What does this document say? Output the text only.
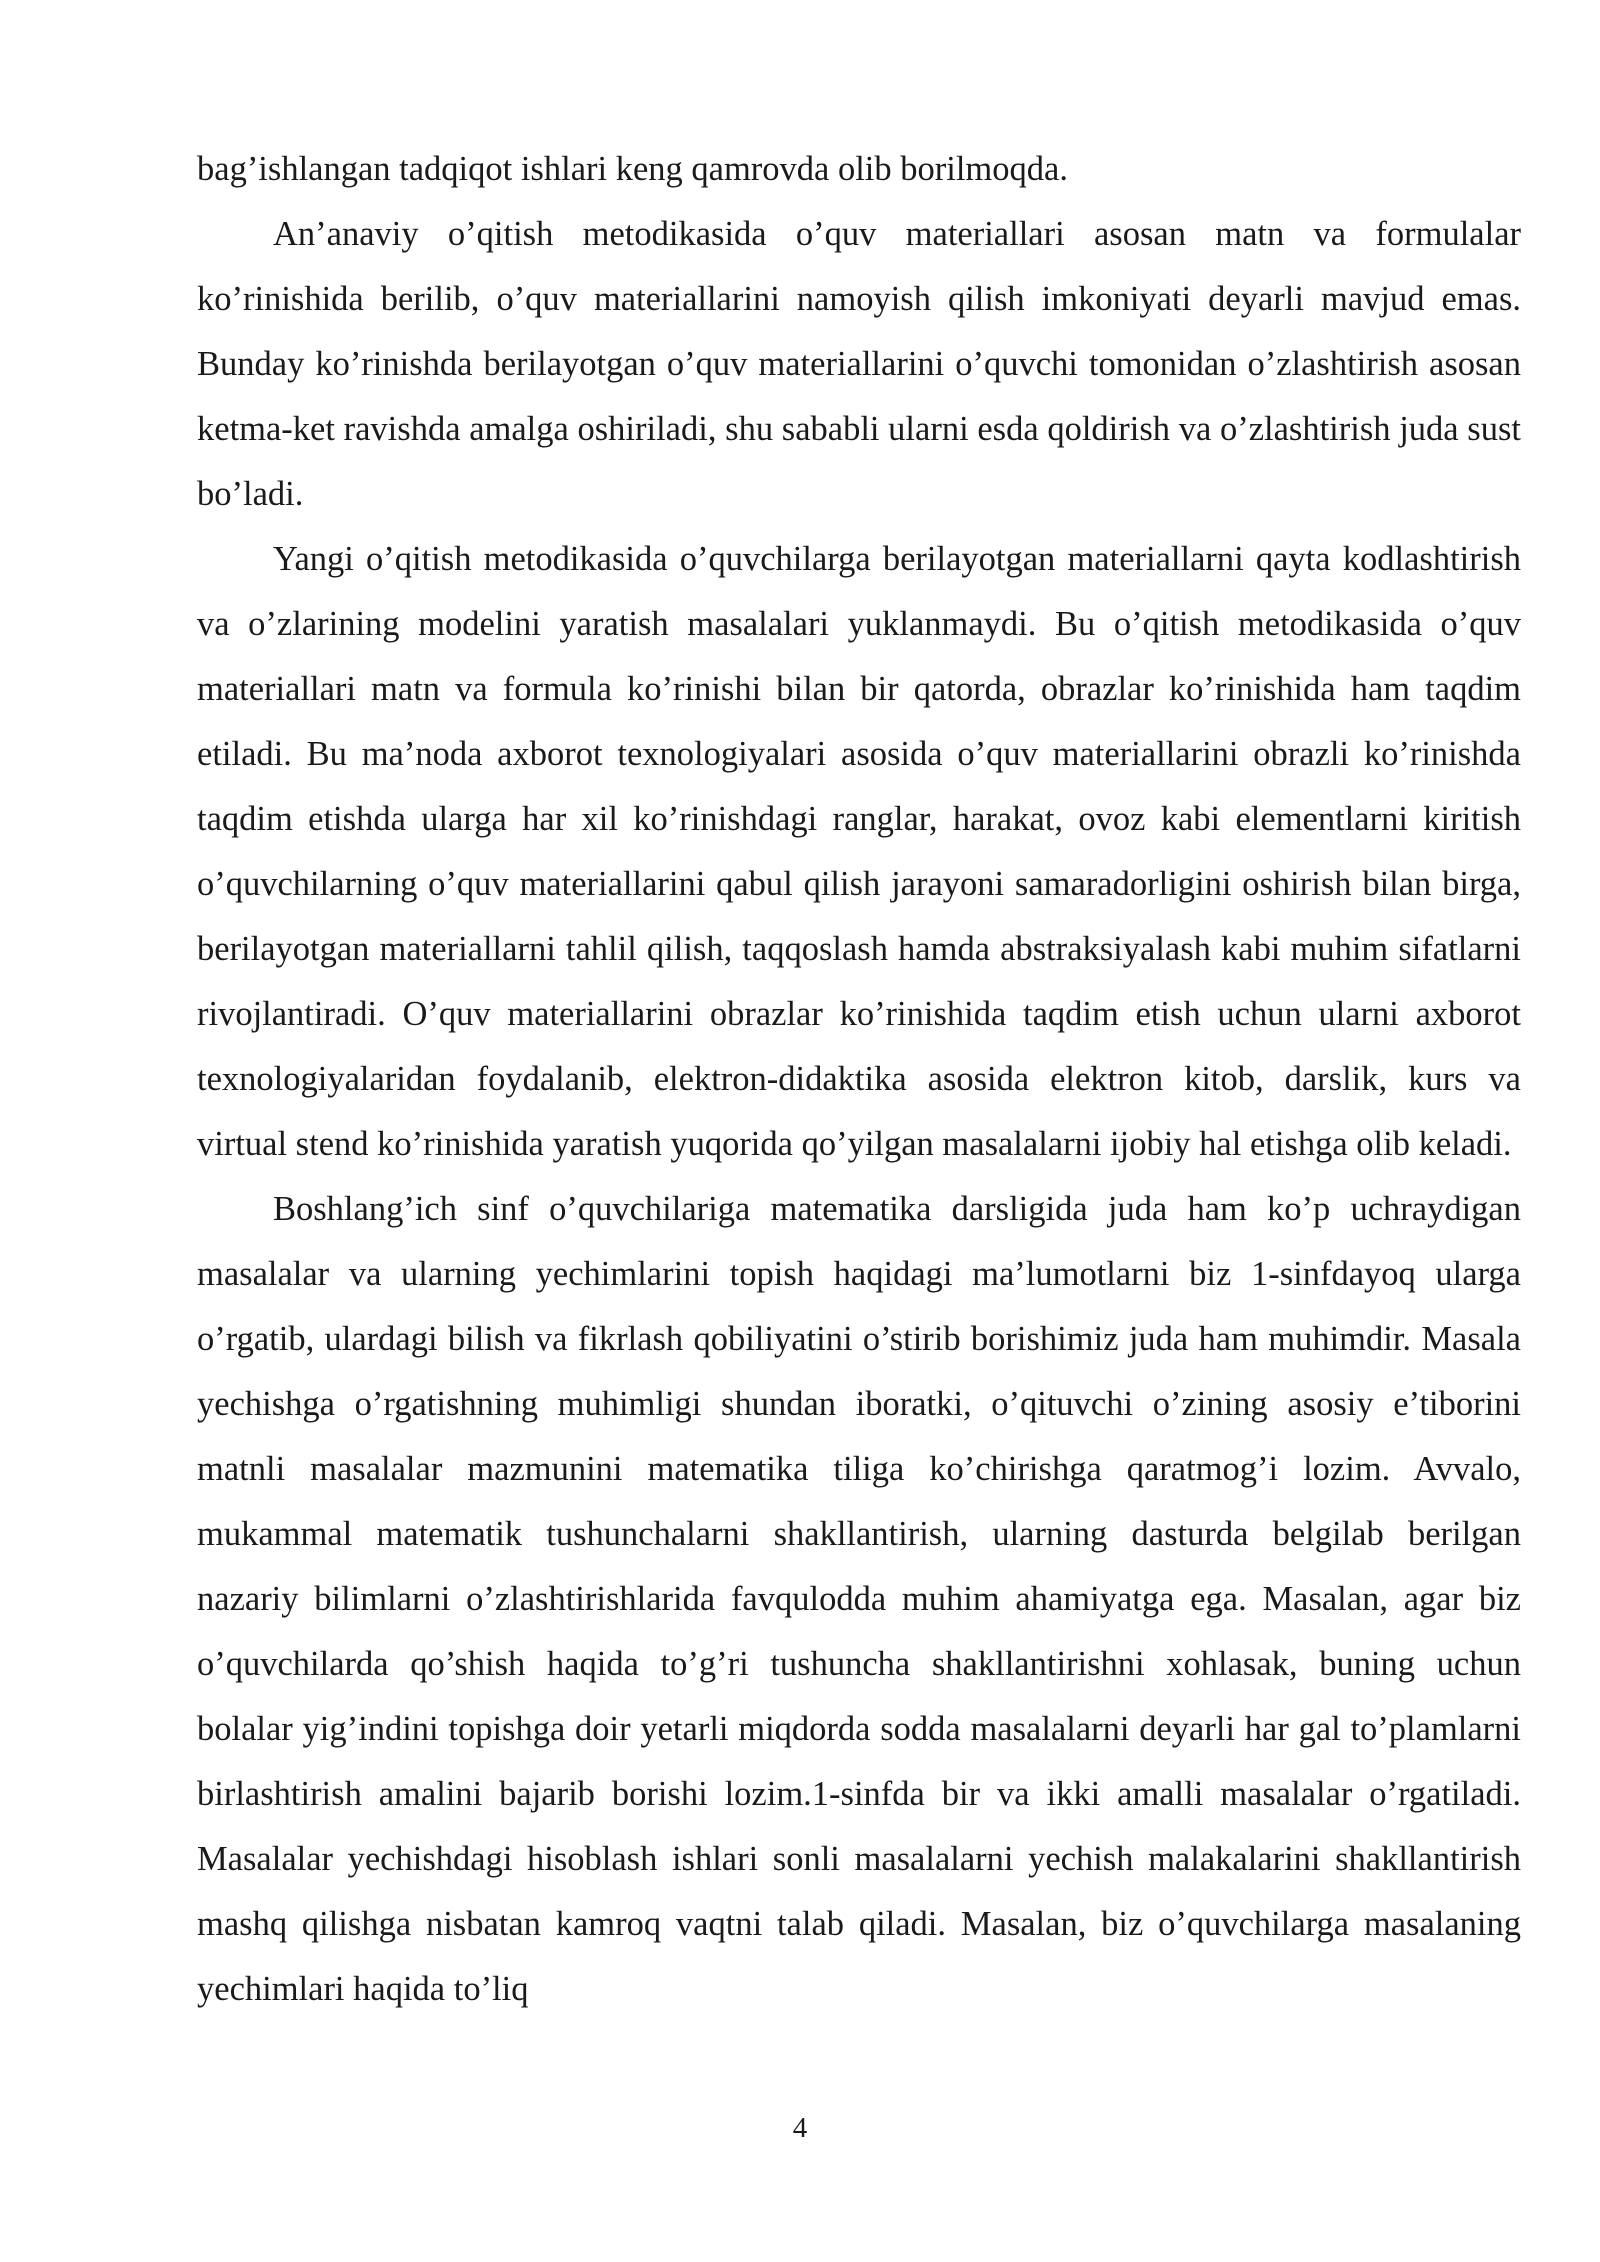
bag’ishlangan tadqiqot ishlari keng qamrovda olib borilmoqda.

An’anaviy o’qitish metodikasida o’quv materiallari asosan matn va formulalar ko’rinishida berilib, o’quv materiallarini namoyish qilish imkoniyati deyarli mavjud emas. Bunday ko’rinishda berilayotgan o’quv materiallarini o’quvchi tomonidan o’zlashtirish asosan ketma-ket ravishda amalga oshiriladi, shu sababli ularni esda qoldirish va o’zlashtirish juda sust bo’ladi.

Yangi o’qitish metodikasida o’quvchilarga berilayotgan materiallarni qayta kodlashtirish va o’zlarining modelini yaratish masalalari yuklanmaydi. Bu o’qitish metodikasida o’quv materiallari matn va formula ko’rinishi bilan bir qatorda, obrazlar ko’rinishida ham taqdim etiladi. Bu ma’noda axborot texnologiyalari asosida o’quv materiallarini obrazli ko’rinishda taqdim etishda ularga har xil ko’rinishdagi ranglar, harakat, ovoz kabi elementlarni kiritish o’quvchilarning o’quv materiallarini qabul qilish jarayoni samaradorligini oshirish bilan birga, berilayotgan materiallarni tahlil qilish, taqqoslash hamda abstraksiyalash kabi muhim sifatlarni rivojlantiradi. O’quv materiallarini obrazlar ko’rinishida taqdim etish uchun ularni axborot texnologiyalaridan foydalanib, elektron-didaktika asosida elektron kitob, darslik, kurs va virtual stend ko’rinishida yaratish yuqorida qo’yilgan masalalarni ijobiy hal etishga olib keladi.

Boshlang’ich sinf o’quvchilariga matematika darsligida juda ham ko’p uchraydigan masalalar va ularning yechimlarini topish haqidagi ma’lumotlarni biz 1-sinfdayoq ularga o’rgatib, ulardagi bilish va fikrlash qobiliyatini o’stirib borishimiz juda ham muhimdir. Masala yechishga o’rgatishning muhimligi shundan iboratki, o’qituvchi o’zining asosiy e’tiborini matnli masalalar mazmunini matematika tiliga ko’chirishga qaratmog’i lozim. Avvalo, mukammal matematik tushunchalarni shakllantirish, ularning dasturda belgilab berilgan nazariy bilimlarni o’zlashtirishlarida favqulodda muhim ahamiyatga ega. Masalan, agar biz o’quvchilarda qo’shish haqida to’g’ri tushuncha shakllantirishni xohlasak, buning uchun bolalar yig’indini topishga doir yetarli miqdorda sodda masalalarni deyarli har gal to’plamlarni birlashtirish amalini bajarib borishi lozim.1-sinfda bir va ikki amalli masalalar o’rgatiladi. Masalalar yechishdagi hisoblash ishlari sonli masalalarni yechish malakalarini shakllantirish mashq qilishga nisbatan kamroq vaqtni talab qiladi. Masalan, biz o’quvchilarga masalaning yechimlari haqida to’liq

4
